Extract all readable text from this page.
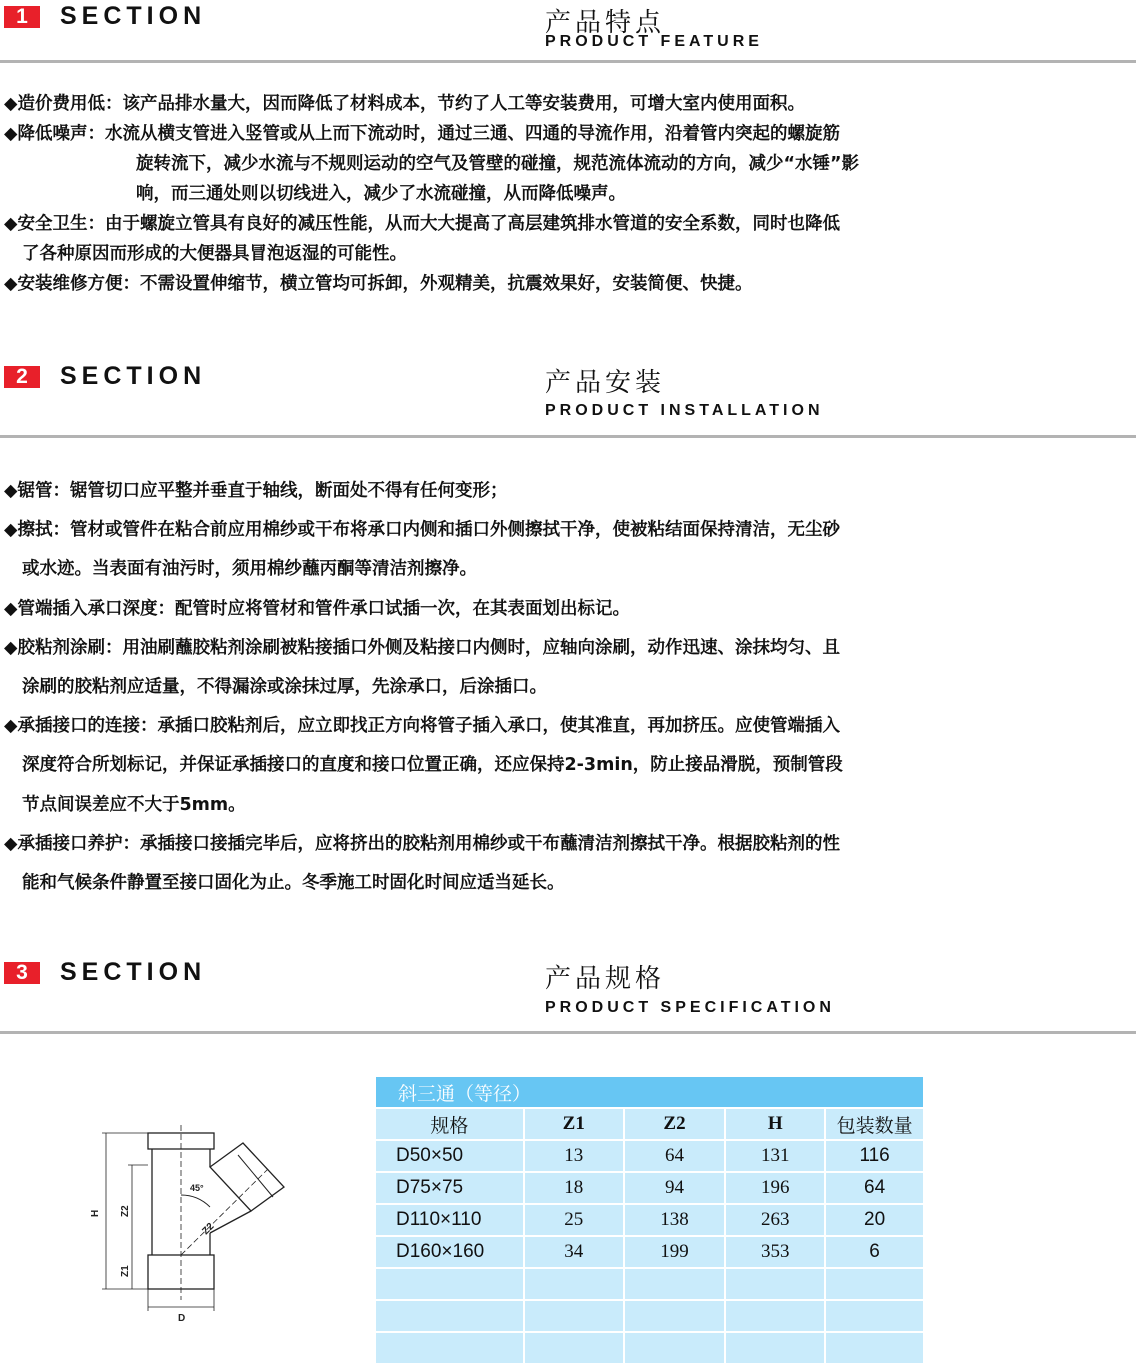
1	SECTION	产品特点
PRODUCT FEATURE
◆造价费用低：该产品排水量大，因而降低了材料成本，节约了人工等安装费用，可增大室内使用面积。
◆降低噪声：水流从横支管进入竖管或从上而下流动时，通过三通、四通的导流作用，沿着管内突起的螺旋筋
旋转流下，减少水流与不规则运动的空气及管壁的碰撞，规范流体流动的方向，减少“水锤”影
响，而三通处则以切线进入，减少了水流碰撞，从而降低噪声。
◆安全卫生：由于螺旋立管具有良好的减压性能，从而大大提高了高层建筑排水管道的安全系数，同时也降低
了各种原因而形成的大便器具冒泡返湿的可能性。
◆安装维修方便：不需设置伸缩节，横立管均可拆卸，外观精美，抗震效果好，安装简便、快捷。
2	SECTION	产品安装
PRODUCT INSTALLATION
◆锯管：锯管切口应平整并垂直于轴线，断面处不得有任何变形；
◆擦拭：管材或管件在粘合前应用棉纱或干布将承口内侧和插口外侧擦拭干净，使被粘结面保持清洁，无尘砂
或水迹。当表面有油污时，须用棉纱蘸丙酮等清洁剂擦净。
◆管端插入承口深度：配管时应将管材和管件承口试插一次，在其表面划出标记。
◆胶粘剂涂刷：用油刷蘸胶粘剂涂刷被粘接插口外侧及粘接口内侧时，应轴向涂刷，动作迅速、涂抹均匀、且
涂刷的胶粘剂应适量，不得漏涂或涂抹过厚，先涂承口，后涂插口。
◆承插接口的连接：承插口胶粘剂后，应立即找正方向将管子插入承口，使其准直，再加挤压。应使管端插入
深度符合所划标记，并保证承插接口的直度和接口位置正确，还应保持2-3min，防止接品滑脱，预制管段
节点间误差应不大于5mm。
◆承插接口养护：承插接口接插完毕后，应将挤出的胶粘剂用棉纱或干布蘸清洁剂擦拭干净。根据胶粘剂的性
能和气候条件静置至接口固化为止。冬季施工时固化时间应适当延长。
3	SECTION	产品规格
PRODUCT SPECIFICATION
H Z2
Z1
Z2
45°
D
斜三通（等径）				
规格	Z1	Z2	H	包装数量
D50×50	13	64	131	116
D75×75	18	94	196	64
D110×110	25	138	263	20
D160×160	34	199	353	6
